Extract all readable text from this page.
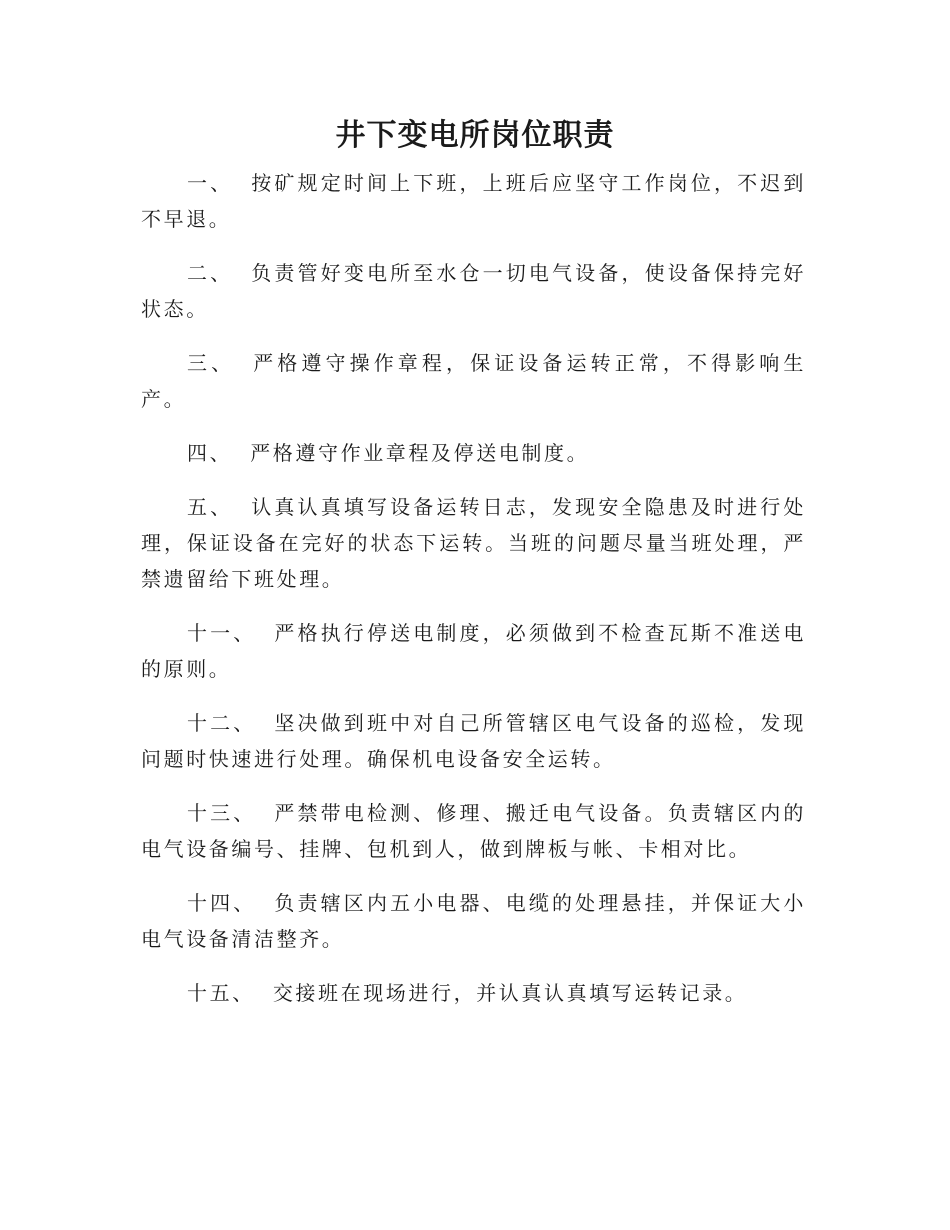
井下变电所岗位职责

一、 按矿规定时间上下班，上班后应坚守工作岗位，不迟到不早退。

二、 负责管好变电所至水仓一切电气设备，使设备保持完好状态。

三、 严格遵守操作章程，保证设备运转正常，不得影响生产。

四、 严格遵守作业章程及停送电制度。

五、 认真认真填写设备运转日志，发现安全隐患及时进行处理，保证设备在完好的状态下运转。当班的问题尽量当班处理，严禁遗留给下班处理。

十一、 严格执行停送电制度，必须做到不检查瓦斯不准送电的原则。

十二、 坚决做到班中对自己所管辖区电气设备的巡检，发现问题时快速进行处理。确保机电设备安全运转。

十三、 严禁带电检测、修理、搬迁电气设备。负责辖区内的电气设备编号、挂牌、包机到人，做到牌板与帐、卡相对比。

十四、 负责辖区内五小电器、电缆的处理悬挂，并保证大小电气设备清洁整齐。

十五、 交接班在现场进行，并认真认真填写运转记录。
